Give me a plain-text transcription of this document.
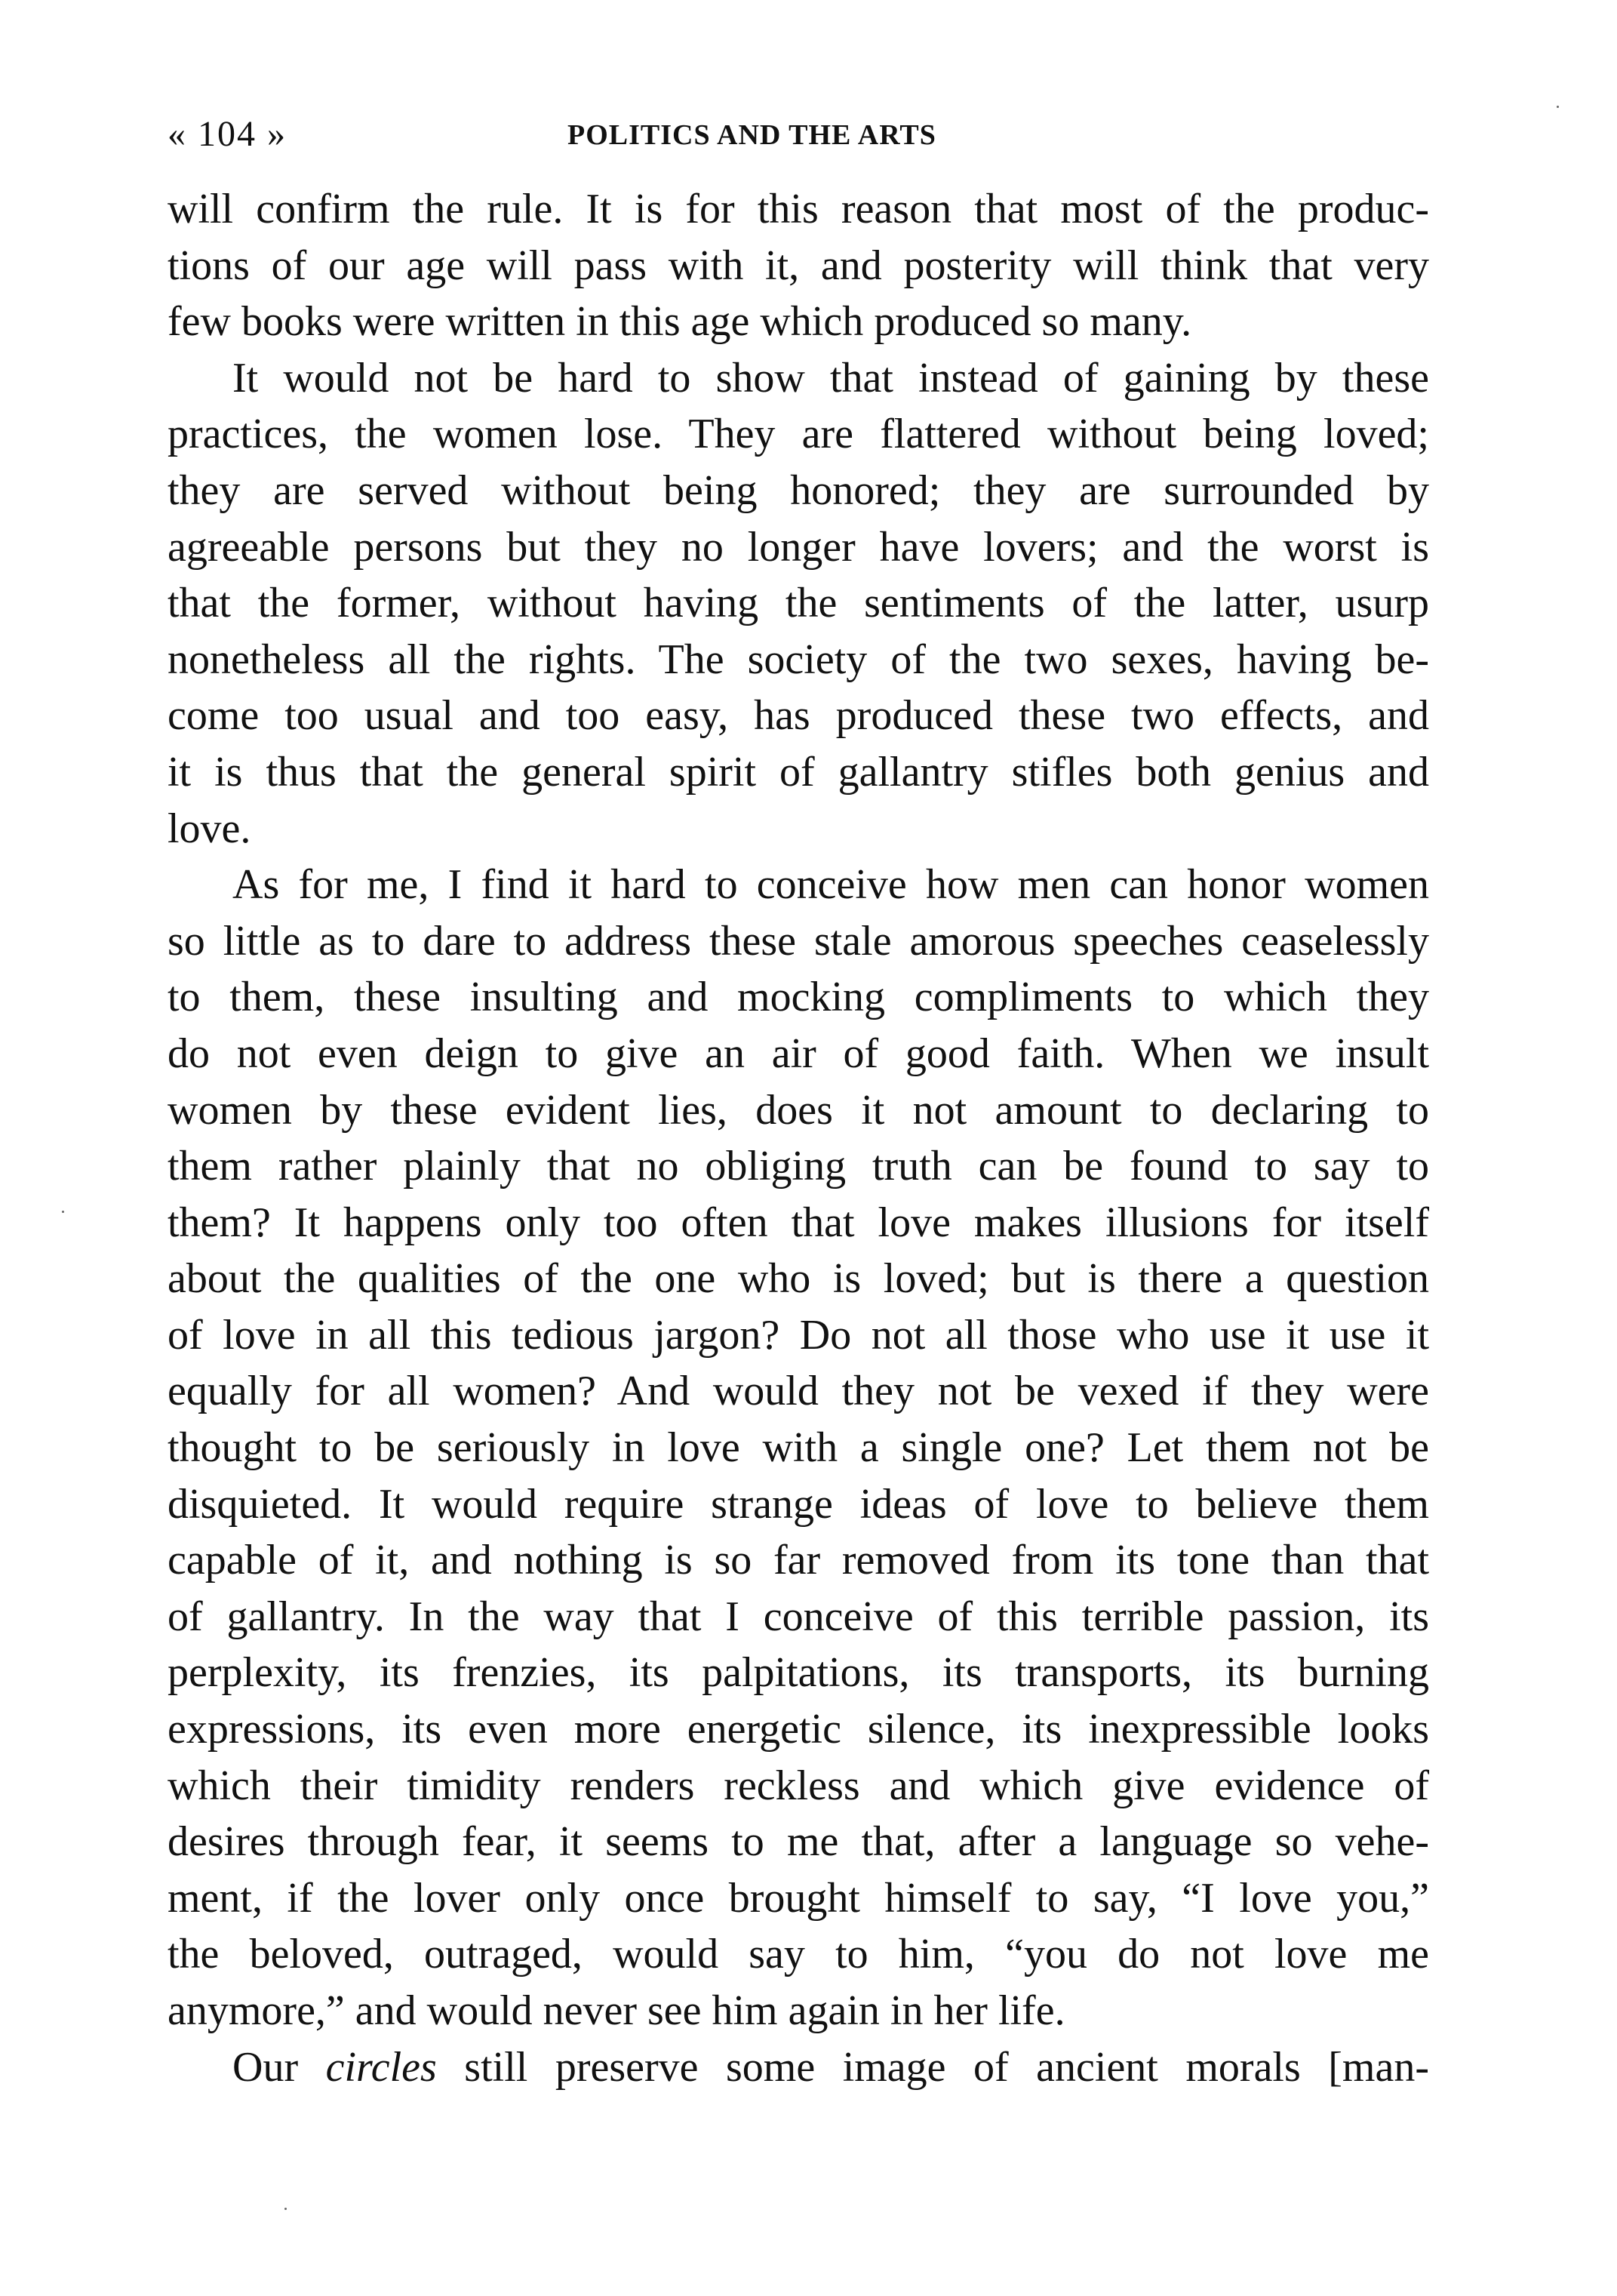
« 104 »	POLITICS AND THE ARTS
will confirm the rule. It is for this reason that most of the produc-
tions of our age will pass with it, and posterity will think that very
few books were written in this age which produced so many.
It would not be hard to show that instead of gaining by these
practices, the women lose. They are flattered without being loved;
they are served without being honored; they are surrounded by
agreeable persons but they no longer have lovers; and the worst is
that the former, without having the sentiments of the latter, usurp
nonetheless all the rights. The society of the two sexes, having be-
come too usual and too easy, has produced these two effects, and
it is thus that the general spirit of gallantry stifles both genius and
love.
As for me, I find it hard to conceive how men can honor women
so little as to dare to address these stale amorous speeches ceaselessly
to them, these insulting and mocking compliments to which they
do not even deign to give an air of good faith. When we insult
women by these evident lies, does it not amount to declaring to
them rather plainly that no obliging truth can be found to say to
them? It happens only too often that love makes illusions for itself
about the qualities of the one who is loved; but is there a question
of love in all this tedious jargon? Do not all those who use it use it
equally for all women? And would they not be vexed if they were
thought to be seriously in love with a single one? Let them not be
disquieted. It would require strange ideas of love to believe them
capable of it, and nothing is so far removed from its tone than that
of gallantry. In the way that I conceive of this terrible passion, its
perplexity, its frenzies, its palpitations, its transports, its burning
expressions, its even more energetic silence, its inexpressible looks
which their timidity renders reckless and which give evidence of
desires through fear, it seems to me that, after a language so vehe-
ment, if the lover only once brought himself to say, “I love you,”
the beloved, outraged, would say to him, “you do not love me
anymore,” and would never see him again in her life.
Our circles still preserve some image of ancient morals [man-
